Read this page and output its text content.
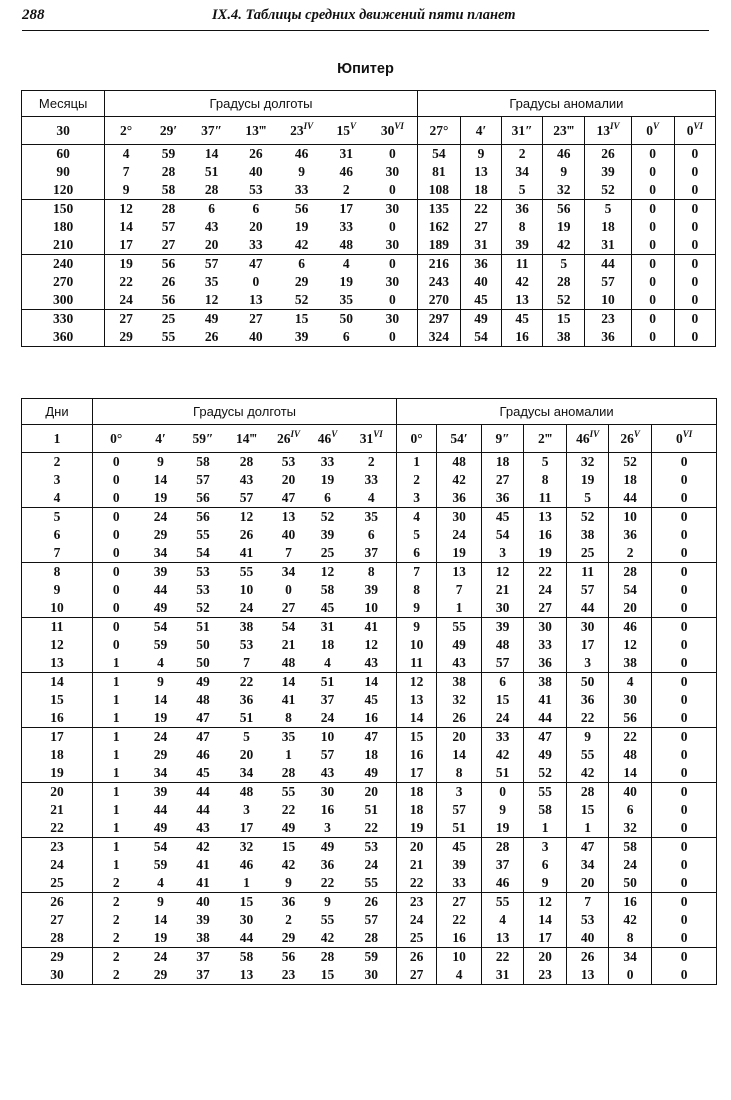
288	IX.4. Таблицы средних движений пяти планет
Юпитер
Месяцы	Градусы долготы							Градусы аномалии						
30	2°	29′	37″	13‴	$23^{IV}$	$15^V$	$30^{VI}$	27°	4′	31″	23‴	$13^{IV}$	$0^V$	$0^{VI}$
60	4	59	14	26	46	31	0	54	9	2	46	26	0	0
90	7	28	51	40	9	46	30	81	13	34	9	39	0	0
120	9	58	28	53	33	2	0	108	18	5	32	52	0	0
150	12	28	6	6	56	17	30	135	22	36	56	5	0	0
180	14	57	43	20	19	33	0	162	27	8	19	18	0	0
210	17	27	20	33	42	48	30	189	31	39	42	31	0	0
240	19	56	57	47	6	4	0	216	36	11	5	44	0	0
270	22	26	35	0	29	19	30	243	40	42	28	57	0	0
300	24	56	12	13	52	35	0	270	45	13	52	10	0	0
330	27	25	49	27	15	50	30	297	49	45	15	23	0	0
360	29	55	26	40	39	6	0	324	54	16	38	36	0	0
Дни	Градусы долготы							Градусы аномалии						
1	0°	4′	59″	14‴	$26^{IV}$	$46^V$	$31^{VI}$	0°	54′	9″	2‴	$46^{IV}$	$26^V$	$0^{VI}$
2	0	9	58	28	53	33	2	1	48	18	5	32	52	0
3	0	14	57	43	20	19	33	2	42	27	8	19	18	0
4	0	19	56	57	47	6	4	3	36	36	11	5	44	0
5	0	24	56	12	13	52	35	4	30	45	13	52	10	0
6	0	29	55	26	40	39	6	5	24	54	16	38	36	0
7	0	34	54	41	7	25	37	6	19	3	19	25	2	0
8	0	39	53	55	34	12	8	7	13	12	22	11	28	0
9	0	44	53	10	0	58	39	8	7	21	24	57	54	0
10	0	49	52	24	27	45	10	9	1	30	27	44	20	0
11	0	54	51	38	54	31	41	9	55	39	30	30	46	0
12	0	59	50	53	21	18	12	10	49	48	33	17	12	0
13	1	4	50	7	48	4	43	11	43	57	36	3	38	0
14	1	9	49	22	14	51	14	12	38	6	38	50	4	0
15	1	14	48	36	41	37	45	13	32	15	41	36	30	0
16	1	19	47	51	8	24	16	14	26	24	44	22	56	0
17	1	24	47	5	35	10	47	15	20	33	47	9	22	0
18	1	29	46	20	1	57	18	16	14	42	49	55	48	0
19	1	34	45	34	28	43	49	17	8	51	52	42	14	0
20	1	39	44	48	55	30	20	18	3	0	55	28	40	0
21	1	44	44	3	22	16	51	18	57	9	58	15	6	0
22	1	49	43	17	49	3	22	19	51	19	1	1	32	0
23	1	54	42	32	15	49	53	20	45	28	3	47	58	0
24	1	59	41	46	42	36	24	21	39	37	6	34	24	0
25	2	4	41	1	9	22	55	22	33	46	9	20	50	0
26	2	9	40	15	36	9	26	23	27	55	12	7	16	0
27	2	14	39	30	2	55	57	24	22	4	14	53	42	0
28	2	19	38	44	29	42	28	25	16	13	17	40	8	0
29	2	24	37	58	56	28	59	26	10	22	20	26	34	0
30	2	29	37	13	23	15	30	27	4	31	23	13	0	0
